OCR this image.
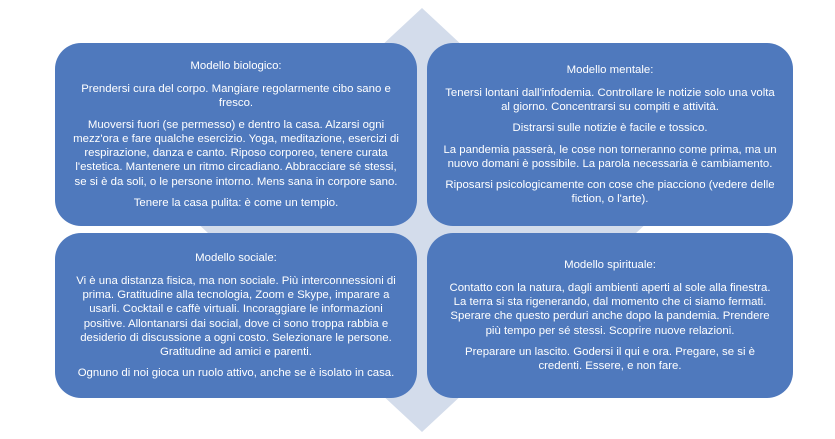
Modello biologico:

Prendersi cura del corpo. Mangiare regolarmente cibo sano e fresco.

Muoversi fuori (se permesso) e dentro la casa. Alzarsi ogni mezz'ora e fare qualche esercizio. Yoga, meditazione, esercizi di respirazione, danza e canto. Riposo corporeo, tenere curata l'estetica. Mantenere un ritmo circadiano. Abbracciare sé stessi, se si è da soli, o le persone intorno. Mens sana in corpore sano.

Tenere la casa pulita: è come un tempio.

Modello mentale:

Tenersi lontani dall'infodemia. Controllare le notizie solo una volta al giorno. Concentrarsi su compiti e attività.

Distrarsi sulle notizie è facile e tossico.

La pandemia passerà, le cose non torneranno come prima, ma un nuovo domani è possibile. La parola necessaria è cambiamento.

Riposarsi psicologicamente con cose che piacciono (vedere delle fiction, o l'arte).

Modello sociale:

Vi è una distanza fisica, ma non sociale. Più interconnessioni di prima. Gratitudine alla tecnologia, Zoom e Skype, imparare a usarli. Cocktail e caffè virtuali. Incoraggiare le informazioni positive. Allontanarsi dai social, dove ci sono troppa rabbia e desiderio di discussione a ogni costo. Selezionare le persone. Gratitudine ad amici e parenti.

Ognuno di noi gioca un ruolo attivo, anche se è isolato in casa.

Modello spirituale:

Contatto con la natura, dagli ambienti aperti al sole alla finestra. La terra si sta rigenerando, dal momento che ci siamo fermati. Sperare che questo perduri anche dopo la pandemia. Prendere più tempo per sé stessi. Scoprire nuove relazioni.

Preparare un lascito. Godersi il qui e ora. Pregare, se si è credenti. Essere, e non fare.
